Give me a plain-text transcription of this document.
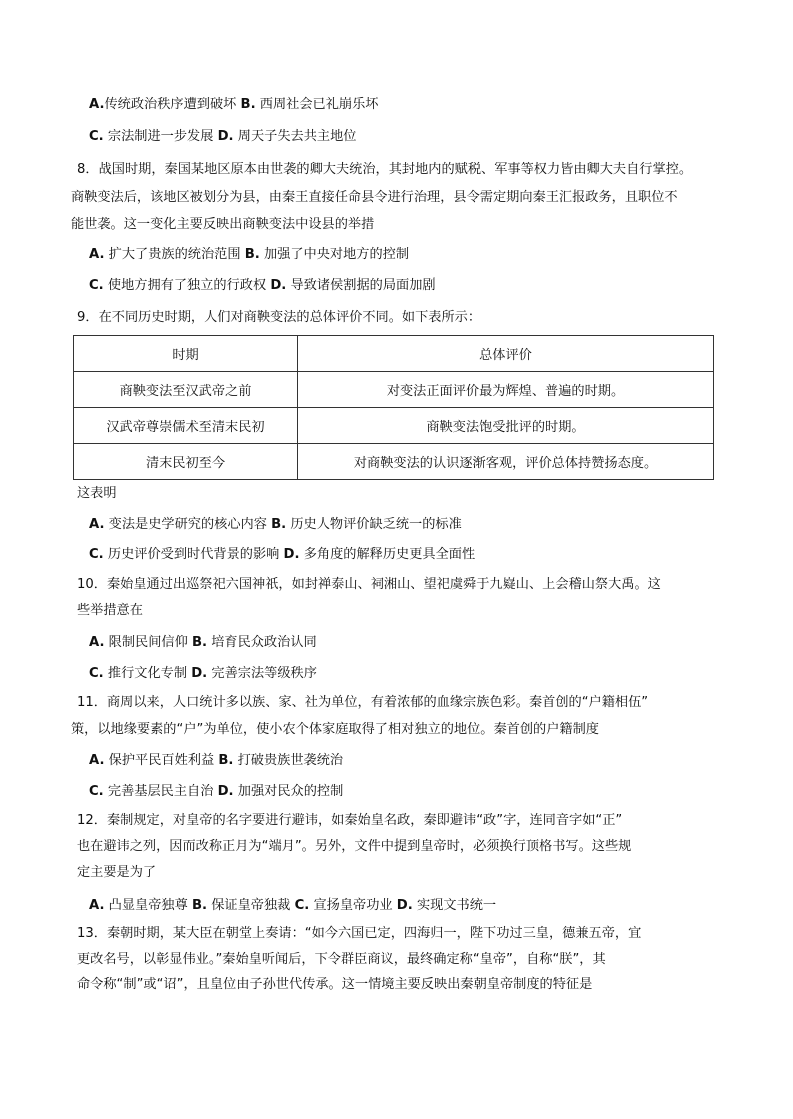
A.传统政治秩序遭到破坏 B. 西周社会已礼崩乐坏
C. 宗法制进一步发展 D. 周天子失去共主地位
8．战国时期，秦国某地区原本由世袭的卿大夫统治，其封地内的赋税、军事等权力皆由卿大夫自行掌控。
商鞅变法后，该地区被划分为县，由秦王直接任命县令进行治理，县令需定期向秦王汇报政务，且职位不
能世袭。这一变化主要反映出商鞅变法中设县的举措
A. 扩大了贵族的统治范围 B. 加强了中央对地方的控制
C. 使地方拥有了独立的行政权 D. 导致诸侯割据的局面加剧
9．在不同历史时期，人们对商鞅变法的总体评价不同。如下表所示：
时期	总体评价
商鞅变法至汉武帝之前	对变法正面评价最为辉煌、普遍的时期。
汉武帝尊崇儒术至清末民初	商鞅变法饱受批评的时期。
清末民初至今	对商鞅变法的认识逐渐客观，评价总体持赞扬态度。
这表明
A. 变法是史学研究的核心内容 B. 历史人物评价缺乏统一的标准
C. 历史评价受到时代背景的影响 D. 多角度的解释历史更具全面性
10．秦始皇通过出巡祭祀六国神祇，如封禅泰山、祠湘山、望祀虞舜于九嶷山、上会稽山祭大禹。这
些举措意在
A. 限制民间信仰 B. 培育民众政治认同
C. 推行文化专制 D. 完善宗法等级秩序
11．商周以来，人口统计多以族、家、社为单位，有着浓郁的血缘宗族色彩。秦首创的“户籍相伍”
策，以地缘要素的“户”为单位，使小农个体家庭取得了相对独立的地位。秦首创的户籍制度
A. 保护平民百姓利益 B. 打破贵族世袭统治
C. 完善基层民主自治 D. 加强对民众的控制
12．秦制规定，对皇帝的名字要进行避讳，如秦始皇名政，秦即避讳“政”字，连同音字如“正”
也在避讳之列，因而改称正月为“端月”。另外，文件中提到皇帝时，必须换行顶格书写。这些规
定主要是为了
A. 凸显皇帝独尊 B. 保证皇帝独裁 C. 宣扬皇帝功业 D. 实现文书统一
13．秦朝时期，某大臣在朝堂上奏请：“如今六国已定，四海归一，陛下功过三皇，德兼五帝，宜
更改名号，以彰显伟业。”秦始皇听闻后，下令群臣商议，最终确定称“皇帝”，自称“朕”，其
命令称“制”或“诏”，且皇位由子孙世代传承。这一情境主要反映出秦朝皇帝制度的特征是
